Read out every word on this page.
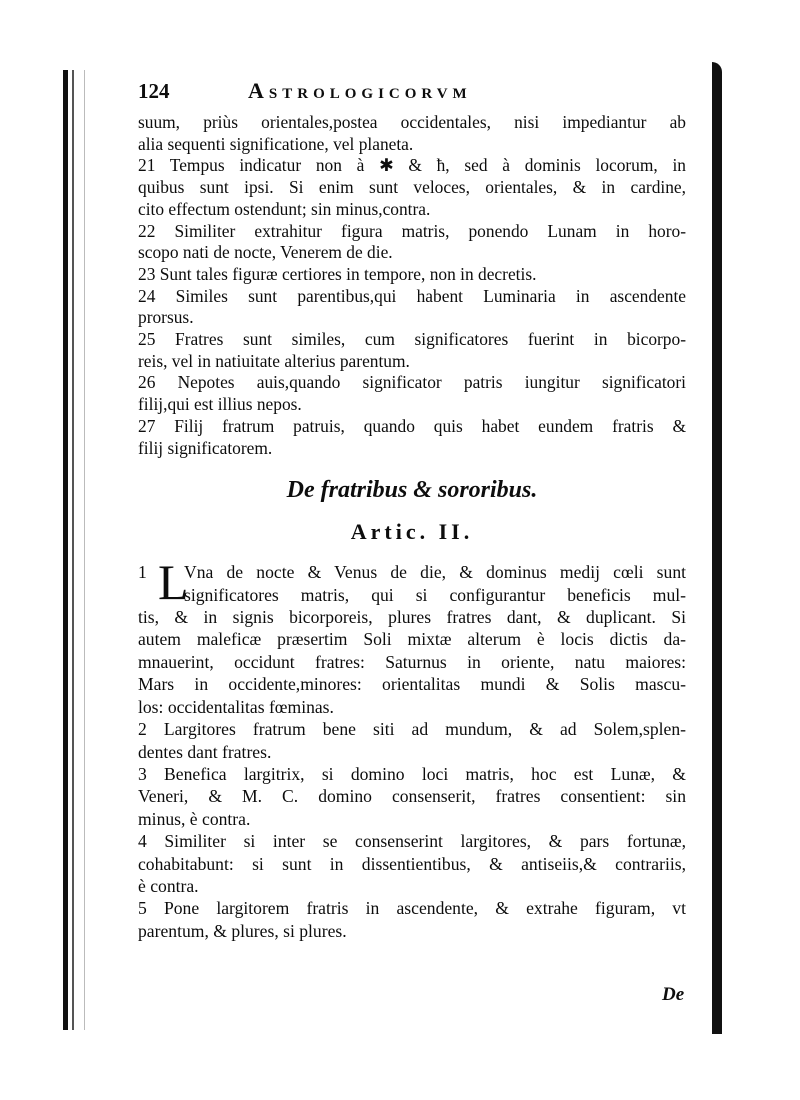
124	Astrologicorvm
suum, priùs orientales,postea occidentales, nisi impediantur ab
alia sequenti significatione, vel planeta.
21 Tempus indicatur non à ✱ & ħ, sed à dominis locorum, in
quibus sunt ipsi. Si enim sunt veloces, orientales, & in cardine,
cito effectum ostendunt; sin minus,contra.
22 Similiter extrahitur figura matris, ponendo Lunam in horo-
scopo nati de nocte, Venerem de die.
23 Sunt tales figuræ certiores in tempore, non in decretis.
24 Similes sunt parentibus,qui habent Luminaria in ascendente
prorsus.
25 Fratres sunt similes, cum significatores fuerint in bicorpo-
reis, vel in natiuitate alterius parentum.
26 Nepotes auis,quando significator patris iungitur significatori
filij,qui est illius nepos.
27 Filij fratrum patruis, quando quis habet eundem fratris &
filij significatorem.
De fratribus & sororibus.
Artic. II.
L
1	Vna de nocte & Venus de die, & dominus medij cœli sunt
significatores matris, qui si configurantur beneficis mul-
tis, & in signis bicorporeis, plures fratres dant, & duplicant. Si
autem maleficæ præsertim Soli mixtæ alterum è locis dictis da-
mnauerint, occidunt fratres: Saturnus in oriente, natu maiores:
Mars in occidente,minores: orientalitas mundi & Solis mascu-
los: occidentalitas fœminas.
2 Largitores fratrum bene siti ad mundum, & ad Solem,splen-
dentes dant fratres.
3 Benefica largitrix, si domino loci matris, hoc est Lunæ, &
Veneri, & M. C. domino consenserit, fratres consentient: sin
minus, è contra.
4 Similiter si inter se consenserint largitores, & pars fortunæ,
cohabitabunt: si sunt in dissentientibus, & antiseiis,& contrariis,
è contra.
5 Pone largitorem fratris in ascendente, & extrahe figuram, vt
parentum, & plures, si plures.
De
